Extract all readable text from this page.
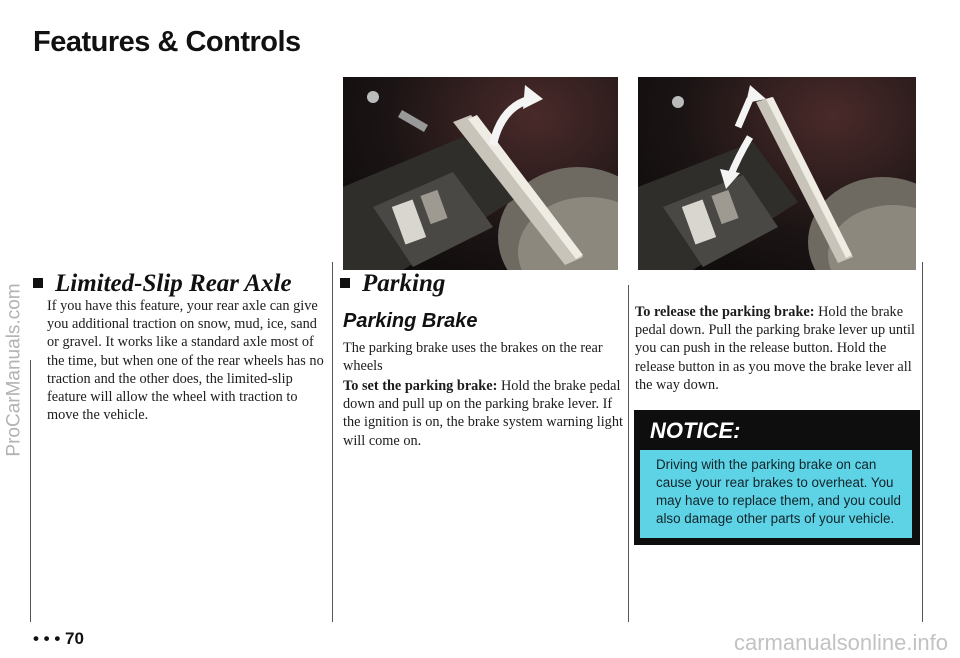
Features & Controls
ProCarManuals.com	Limited-Slip Rear Axle
If you have this feature, your rear axle can give you additional traction on snow, mud, ice, sand or gravel. It works like a standard axle most of the time, but when one of the rear wheels has no traction and the other does, the limited-slip feature will allow the wheel with traction to move the vehicle.
Parking
Parking Brake
The parking brake uses the brakes on the rear wheels
To set the parking brake: Hold the brake pedal down and pull up on the parking brake lever. If the ignition is on, the brake system warning light will come on.
To release the parking brake: Hold the brake pedal down. Pull the parking brake lever up until you can push in the release button. Hold the release button in as you move the brake lever all the way down.
NOTICE:
Driving with the parking brake on can cause your rear brakes to overheat. You may have to replace them, and you could also damage other parts of your vehicle.
• • • 70	carmanualsonline.info
